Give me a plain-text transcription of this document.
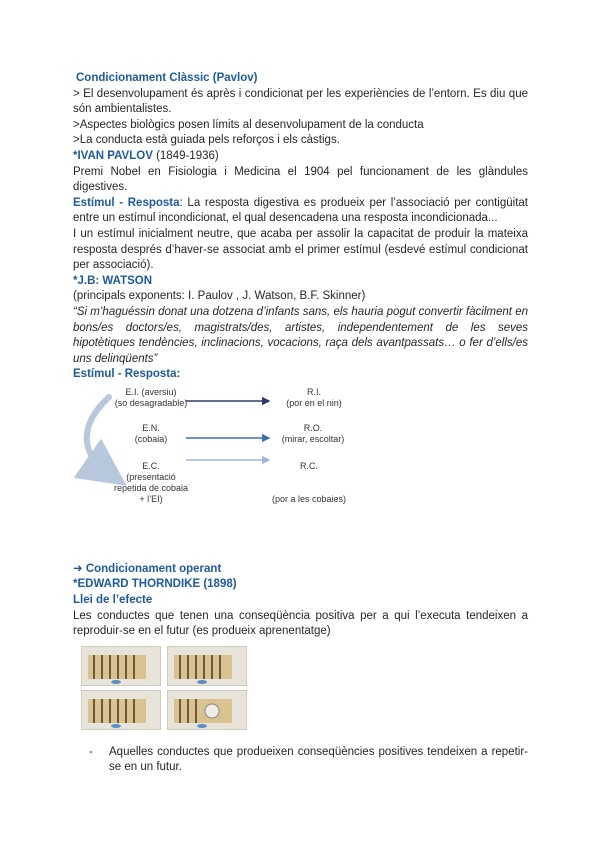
Condicionament Clàssic (Pavlov)

> El desenvolupament és après i condicionat per les experiències de l’entorn. Es diu que són ambientalistes.

>Aspectes biològics posen límits al desenvolupament de la conducta

>La conducta està guiada pels reforços i els càstigs.

*IVAN PAVLOV (1849-1936)

Premi Nobel en Fisiologia i Medicina el 1904 pel funcionament de les glàndules digestives.

Estímul - Resposta: La resposta digestiva es produeix per l’associació per contigüitat entre un estímul incondicionat, el qual desencadena una resposta incondicionada...

I un estímul inicialment neutre, que acaba per assolir la capacitat de produir la mateixa resposta després d’haver-se associat amb el primer estímul (esdevé estímul condicionat per associació).

*J.B: WATSON

(principals exponents: I. Paulov , J. Watson, B.F. Skinner)

“Si m’haguéssin donat una dotzena d’infants sans, els hauria pogut convertir fàcilment en bons/es doctors/es, magistrats/des, artistes, independentement de les seves hipotètiques tendències, inclinacions, vocacions, raça dels avantpassats… o fer d’ells/es uns delinqüents”

Estímul - Resposta:

E.I. (aversiu)
(so desagradable)
R.I.
(por en el nin)
E.N.
(cobaia)
R.O.
(mirar, escoltar)
E.C.
(presentació
repetida de cobaia
+ l’EI)
R.C.
(por a les cobaies)

➜ Condicionament operant

*EDWARD THORNDIKE (1898)

Llei de l’efecte

Les conductes que tenen una conseqüència positiva per a qui l’executa tendeixen a reproduir-se en el futur (es produeix aprenentatge)

-	Aquelles conductes que produeixen conseqüències positives tendeixen a repetir-se en un futur.
